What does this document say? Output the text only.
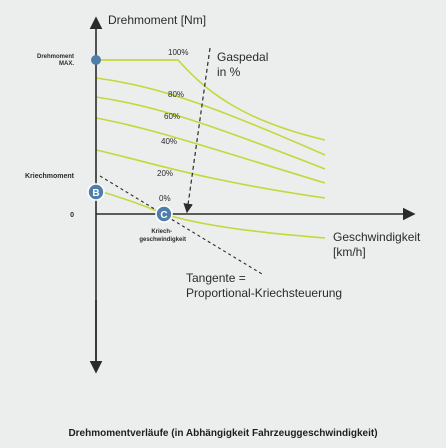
Drehmoment
MAX.
Kriechmoment
0
Drehmoment [Nm]
Geschwindigkeit
[km/h]
Gaspedal
in %
100%
80%
60%
40%
20%
0%
Kriech-
geschwindigkeit
Tangente =
Proportional-Kriechsteuerung
B
C
Drehmomentverläufe (in Abhängigkeit Fahrzeuggeschwindigkeit)
